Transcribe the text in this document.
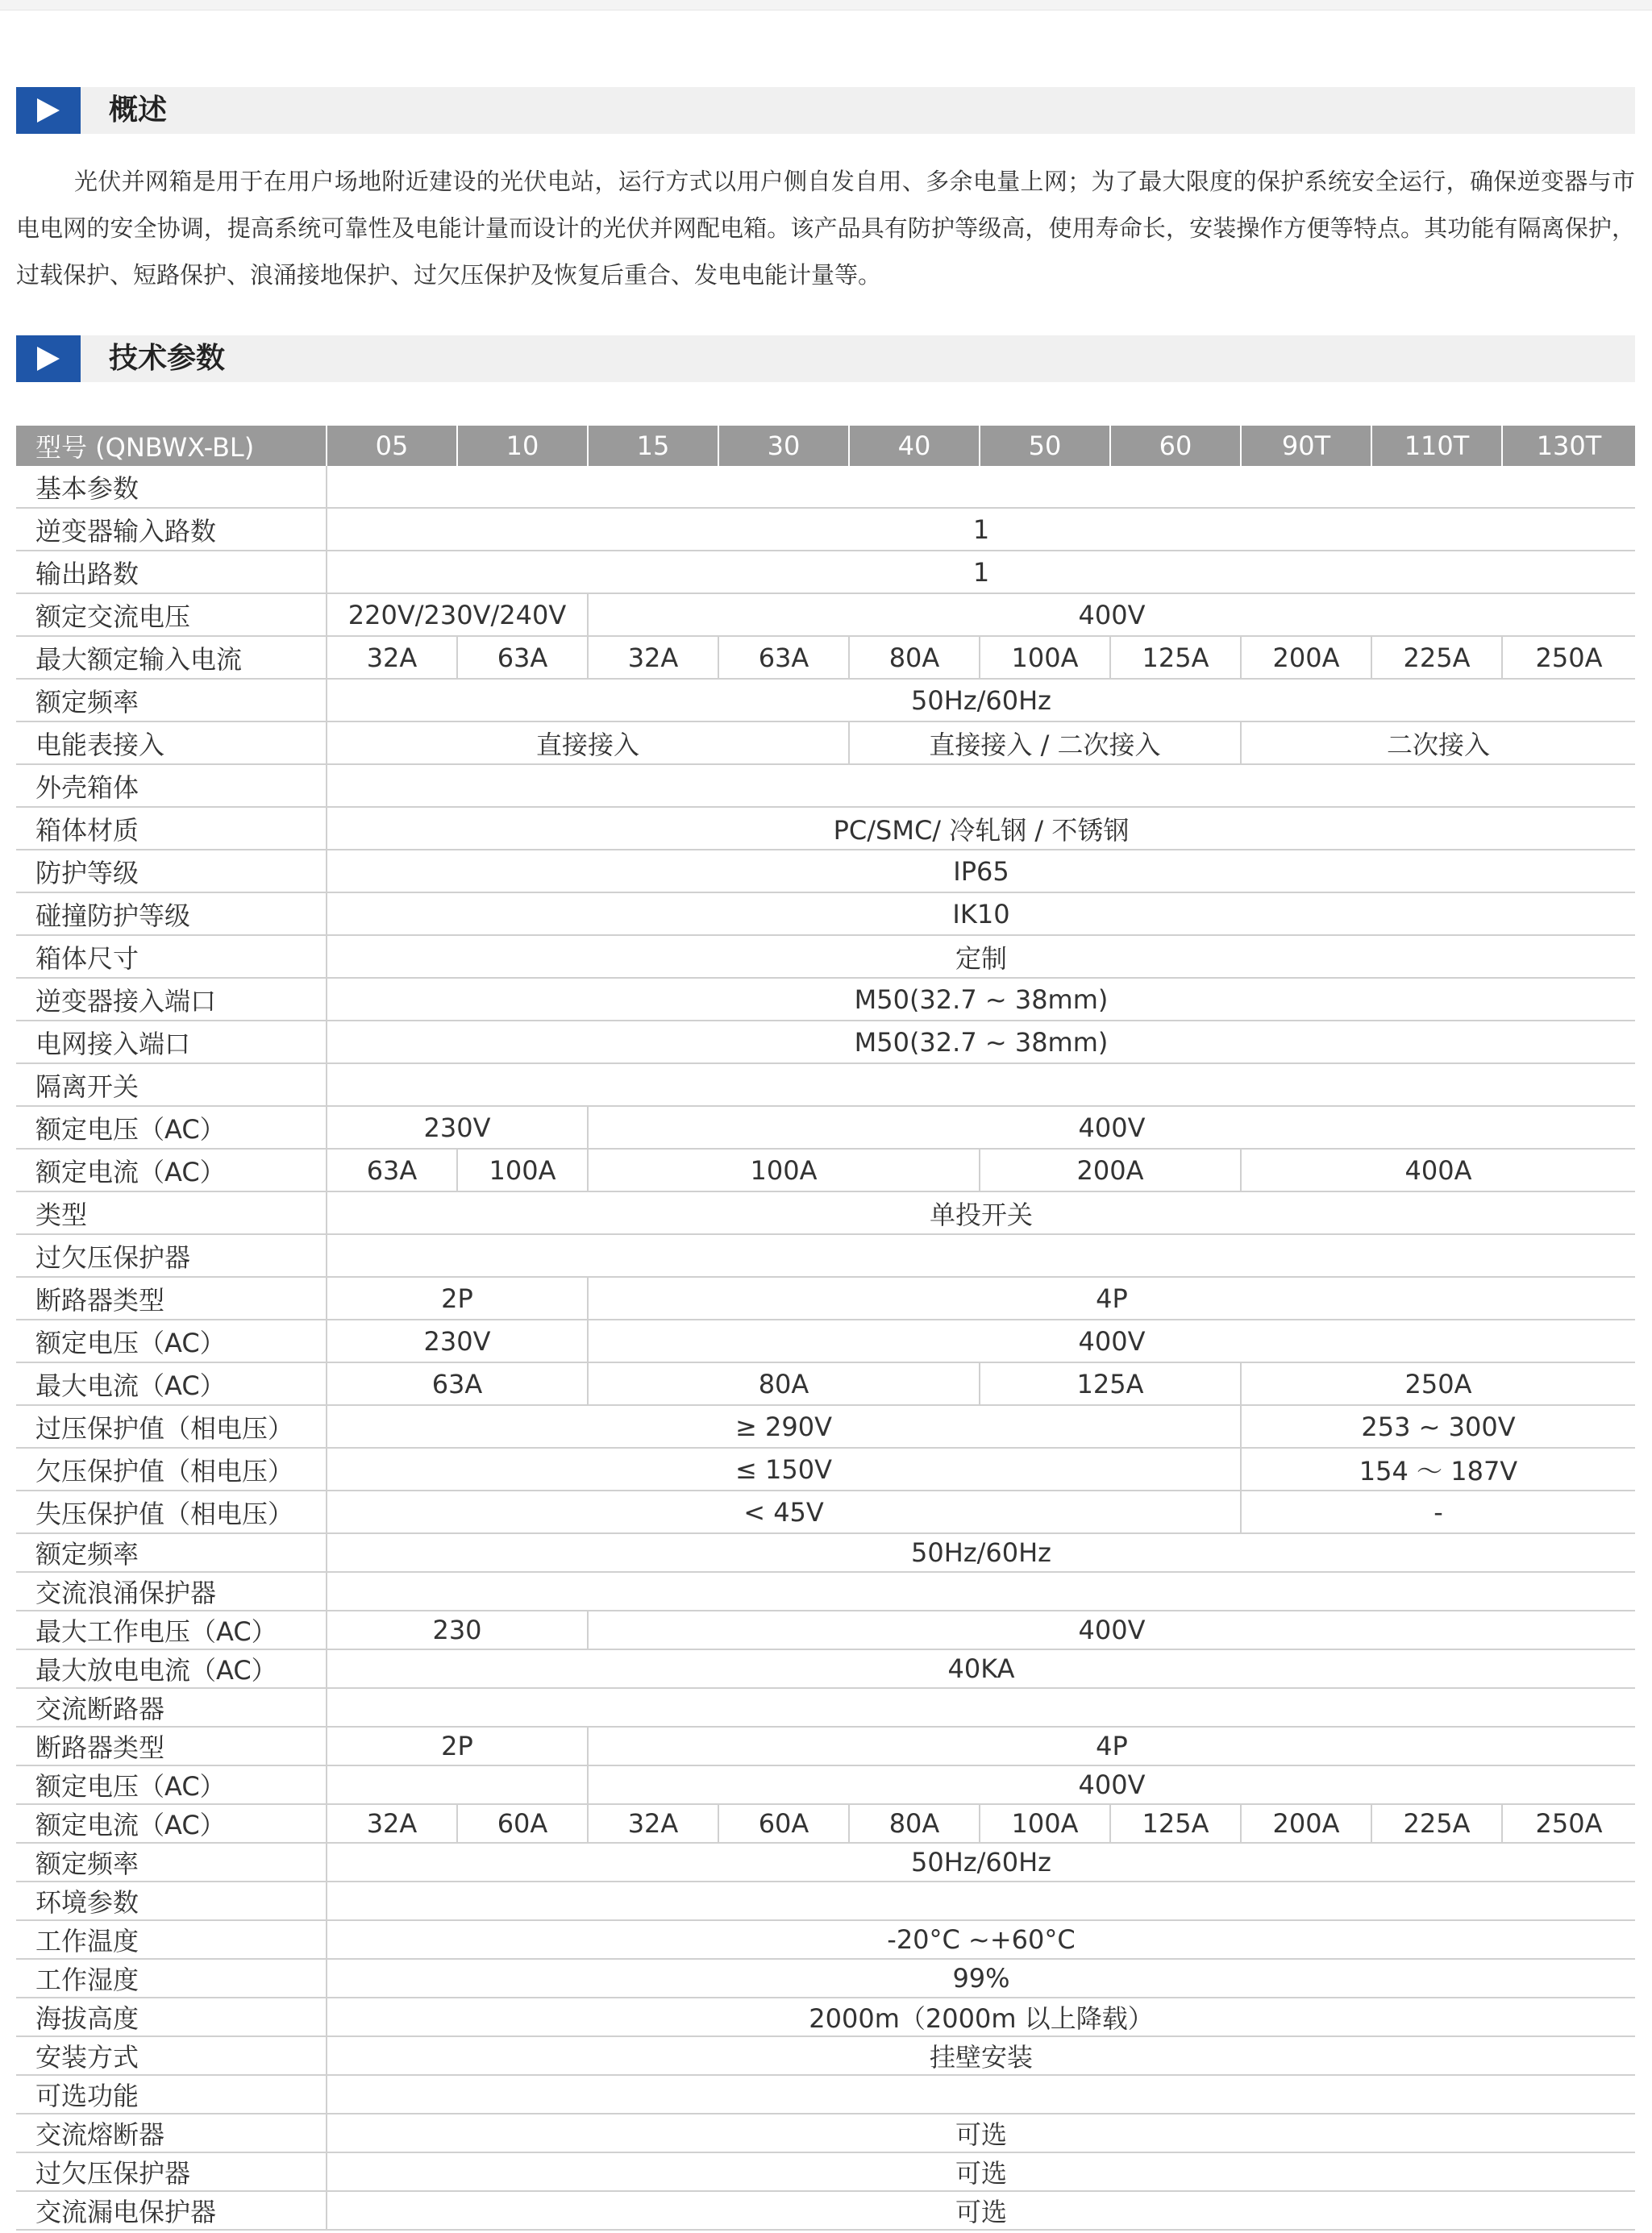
概述

光伏并网箱是用于在用户场地附近建设的光伏电站，运行方式以用户侧自发自用、多余电量上网；为了最大限度的保护系统安全运行，确保逆变器与市电电网的安全协调，提高系统可靠性及电能计量而设计的光伏并网配电箱。该产品具有防护等级高，使用寿命长，安装操作方便等特点。其功能有隔离保护，过载保护、短路保护、浪涌接地保护、过欠压保护及恢复后重合、发电电能计量等。

技术参数
型号 (QNBWX-BL)	05	10	15	30	40	50	60	90T	110T	130T
基本参数										
逆变器输入路数	1									
输出路数	1									
额定交流电压	220V/230V/240V		400V							
最大额定输入电流	32A	63A	32A	63A	80A	100A	125A	200A	225A	250A
额定频率	50Hz/60Hz									
电能表接入	直接接入				直接接入 / 二次接入			二次接入		
外壳箱体										
箱体材质	PC/SMC/ 冷轧钢 / 不锈钢									
防护等级	IP65									
碰撞防护等级	IK10									
箱体尺寸	定制									
逆变器接入端口	M50(32.7 ~ 38mm)									
电网接入端口	M50(32.7 ~ 38mm)									
隔离开关										
额定电压（AC）	230V		400V							
额定电流（AC）	63A	100A	100A			200A		400A		
类型	单投开关									
过欠压保护器										
断路器类型	2P		4P							
额定电压（AC）	230V		400V							
最大电流（AC）	63A		80A			125A		250A		
过压保护值（相电压）	≥ 290V							253 ~ 300V		
欠压保护值（相电压）	≤ 150V							154 ～ 187V		
失压保护值（相电压）	< 45V							-		
额定频率	50Hz/60Hz									
交流浪涌保护器										
最大工作电压（AC）	230		400V							
最大放电电流（AC）	40KA									
交流断路器										
断路器类型	2P		4P							
额定电压（AC）			400V							
额定电流（AC）	32A	60A	32A	60A	80A	100A	125A	200A	225A	250A
额定频率	50Hz/60Hz									
环境参数										
工作温度	-20°C ~+60°C									
工作湿度	99%									
海拔高度	2000m（2000m 以上降载）									
安装方式	挂壁安装									
可选功能										
交流熔断器	可选									
过欠压保护器	可选									
交流漏电保护器	可选									
